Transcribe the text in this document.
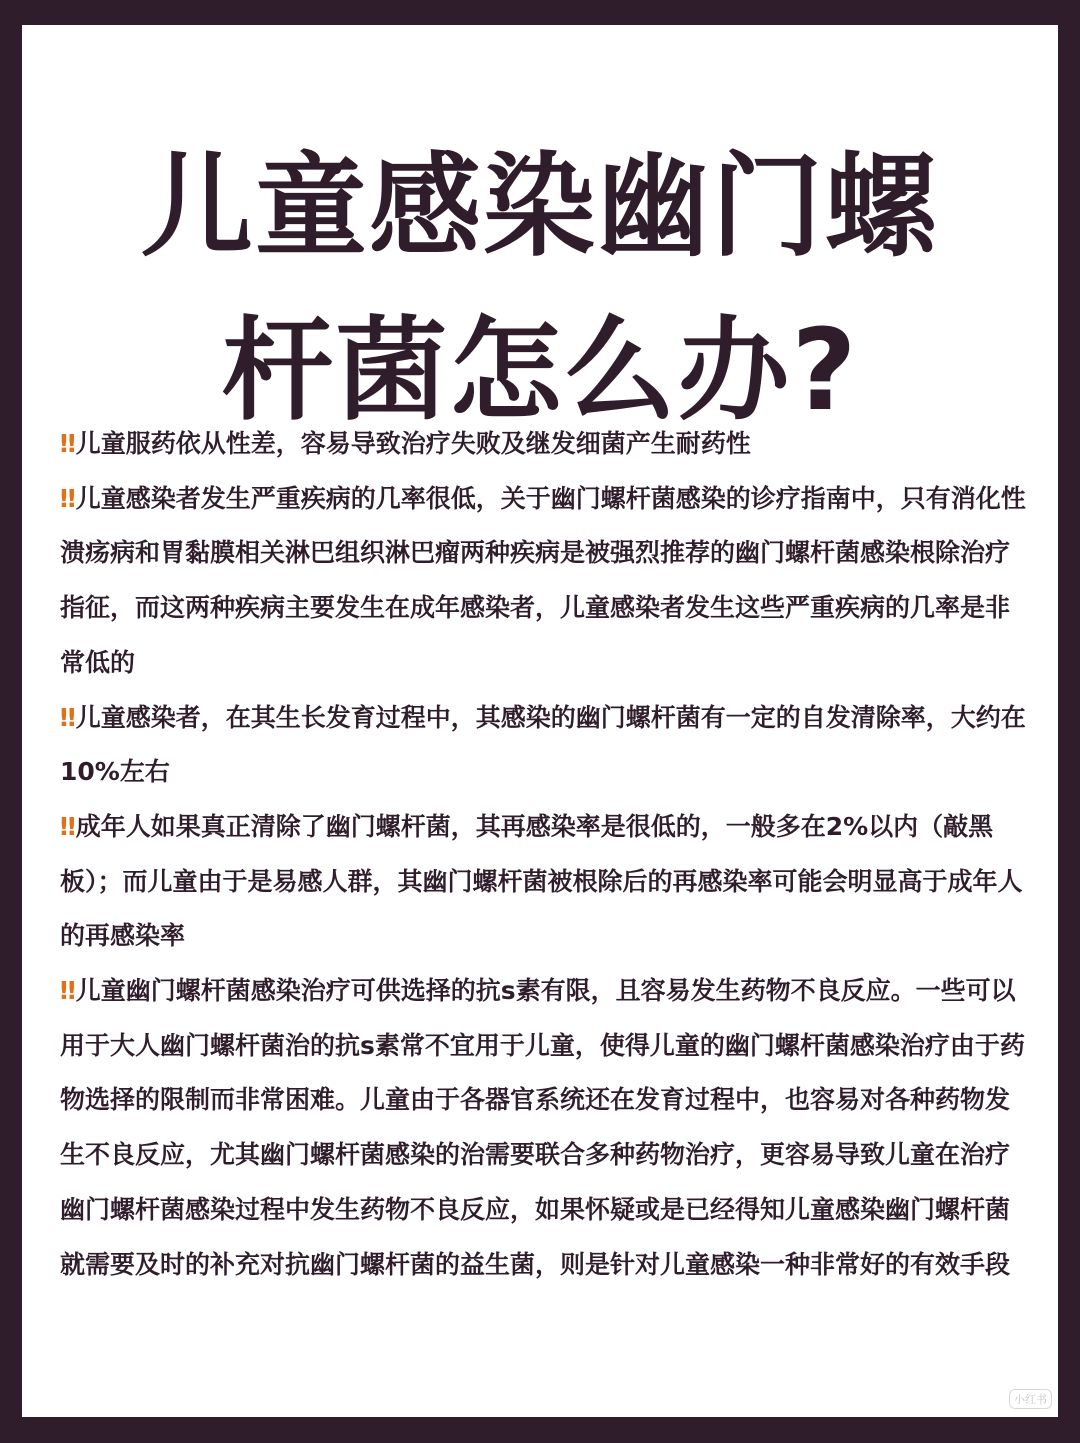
儿童感染幽门螺
杆菌怎么办?

‼儿童服药依从性差，容易导致治疗失败及继发细菌产生耐药性

‼儿童感染者发生严重疾病的几率很低，关于幽门螺杆菌感染的诊疗指南中，只有消化性溃疡病和胃黏膜相关淋巴组织淋巴瘤两种疾病是被强烈推荐的幽门螺杆菌感染根除治疗指征，而这两种疾病主要发生在成年感染者，儿童感染者发生这些严重疾病的几率是非常低的

‼儿童感染者，在其生长发育过程中，其感染的幽门螺杆菌有一定的自发清除率，大约在10%左右

‼成年人如果真正清除了幽门螺杆菌，其再感染率是很低的，一般多在2%以内（敲黑板）；而儿童由于是易感人群，其幽门螺杆菌被根除后的再感染率可能会明显高于成年人的再感染率

‼儿童幽门螺杆菌感染治疗可供选择的抗s素有限，且容易发生药物不良反应。一些可以用于大人幽门螺杆菌治的抗s素常不宜用于儿童，使得儿童的幽门螺杆菌感染治疗由于药物选择的限制而非常困难。儿童由于各器官系统还在发育过程中，也容易对各种药物发生不良反应，尤其幽门螺杆菌感染的治需要联合多种药物治疗，更容易导致儿童在治疗幽门螺杆菌感染过程中发生药物不良反应，如果怀疑或是已经得知儿童感染幽门螺杆菌就需要及时的补充对抗幽门螺杆菌的益生菌，则是针对儿童感染一种非常好的有效手段

小红书
